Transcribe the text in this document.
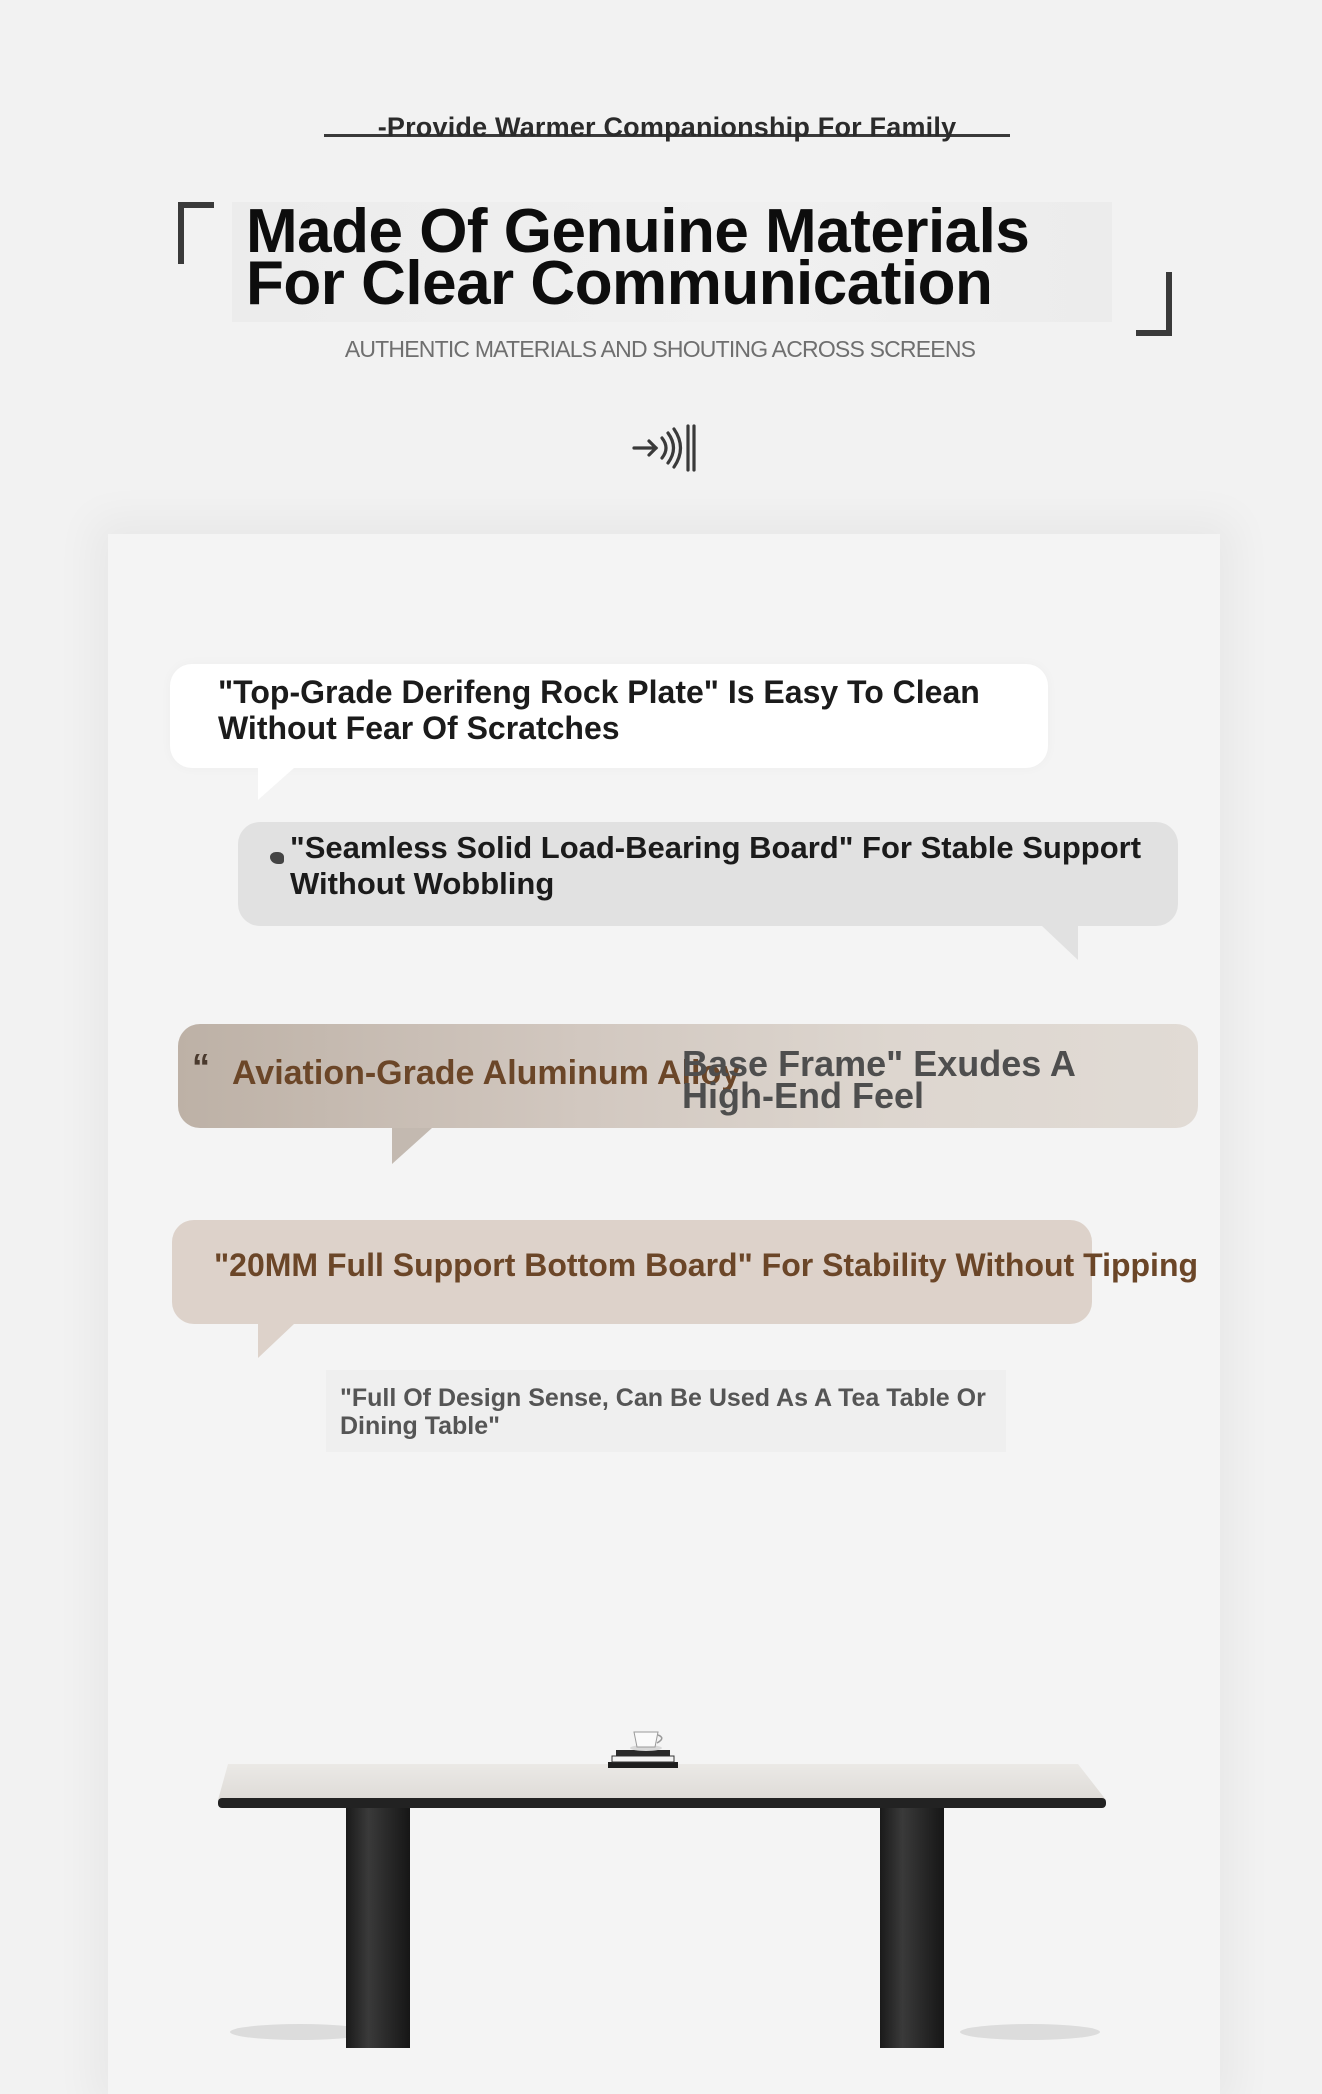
-Provide Warmer Companionship For Family
Made Of Genuine Materials
For Clear Communication
AUTHENTIC MATERIALS AND SHOUTING ACROSS SCREENS
"Top-Grade Derifeng Rock Plate" Is Easy To Clean
Without Fear Of Scratches
"Seamless Solid Load-Bearing Board" For Stable Support
Without Wobbling
“ Aviation-Grade Aluminum Alloy
Base Frame" Exudes A
High-End Feel
"20MM Full Support Bottom Board" For Stability Without Tipping
"Full Of Design Sense, Can Be Used As A Tea Table Or
Dining Table"
